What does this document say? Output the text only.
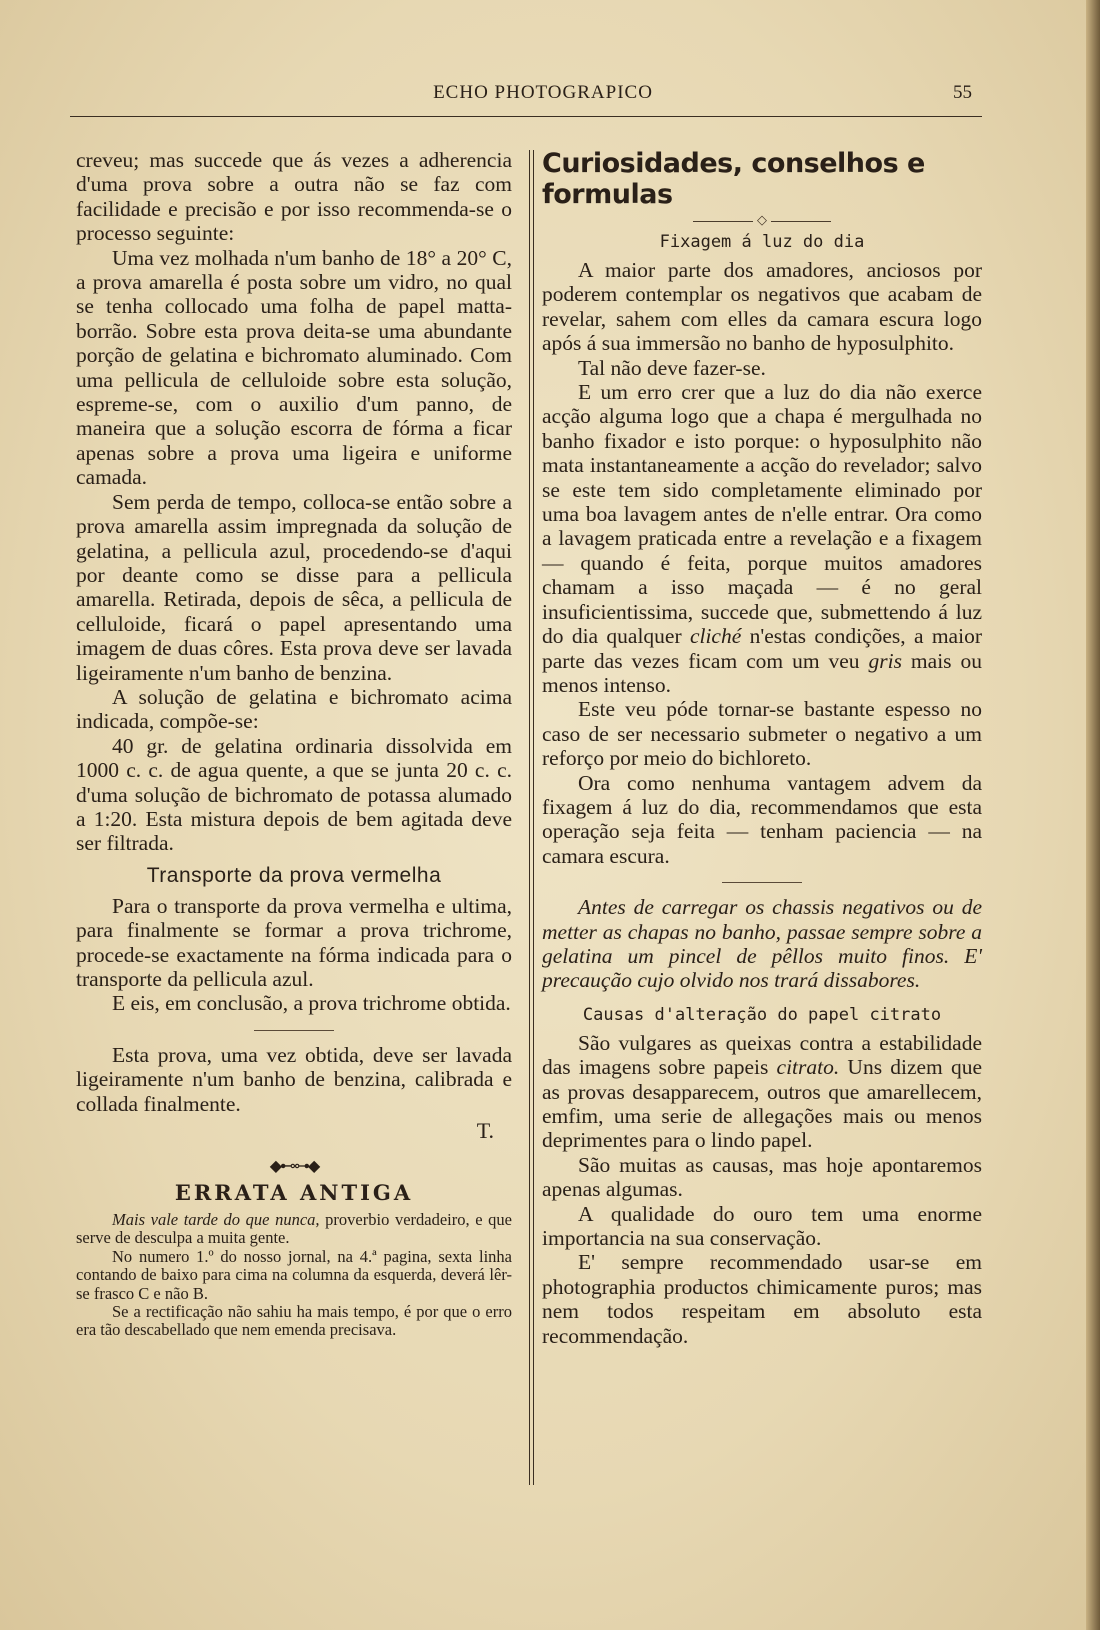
ECHO PHOTOGRAPICO	55

creveu; mas succede que ás vezes a adherencia d'uma prova sobre a outra não se faz com facilidade e precisão e por isso recommenda-se o processo seguinte:

Uma vez molhada n'um banho de 18° a 20° C, a prova amarella é posta sobre um vidro, no qual se tenha collocado uma folha de papel matta-borrão. Sobre esta prova deita-se uma abundante porção de gelatina e bichromato aluminado. Com uma pellicula de celluloide sobre esta solução, espreme-se, com o auxilio d'um panno, de maneira que a solução escorra de fórma a ficar apenas sobre a prova uma ligeira e uniforme camada.

Sem perda de tempo, colloca-se então sobre a prova amarella assim impregnada da solução de gelatina, a pellicula azul, procedendo-se d'aqui por deante como se disse para a pellicula amarella. Retirada, depois de sêca, a pellicula de celluloide, ficará o papel apresentando uma imagem de duas côres. Esta prova deve ser lavada ligeiramente n'um banho de benzina.

A solução de gelatina e bichromato acima indicada, compõe-se:

40 gr. de gelatina ordinaria dissolvida em 1000 c. c. de agua quente, a que se junta 20 c. c. d'uma solução de bichromato de potassa alumado a 1:20. Esta mistura depois de bem agitada deve ser filtrada.

Transporte da prova vermelha

Para o transporte da prova vermelha e ultima, para finalmente se formar a prova trichrome, procede-se exactamente na fórma indicada para o transporte da pellicula azul.

E eis, em conclusão, a prova trichrome obtida.

Esta prova, uma vez obtida, deve ser lavada ligeiramente n'um banho de benzina, calibrada e collada finalmente.

T.
◆⊷⊶◆
ERRATA ANTIGA

Mais vale tarde do que nunca, proverbio verdadeiro, e que serve de desculpa a muita gente.

No numero 1.º do nosso jornal, na 4.ª pagina, sexta linha contando de baixo para cima na columna da esquerda, deverá lêr-se frasco C e não B.

Se a rectificação não sahiu ha mais tempo, é por que o erro era tão descabellado que nem emenda precisava.

Curiosidades, conselhos e formulas
◇
Fixagem á luz do dia

A maior parte dos amadores, anciosos por poderem contemplar os negativos que acabam de revelar, sahem com elles da camara escura logo após á sua immersão no banho de hyposulphito.

Tal não deve fazer-se.

E um erro crer que a luz do dia não exerce acção alguma logo que a chapa é mergulhada no banho fixador e isto porque: o hyposulphito não mata instantaneamente a acção do revelador; salvo se este tem sido completamente eliminado por uma boa lavagem antes de n'elle entrar. Ora como a lavagem praticada entre a revelação e a fixagem — quando é feita, porque muitos amadores chamam a isso maçada — é no geral insuficientissima, succede que, submettendo á luz do dia qualquer cliché n'estas condições, a maior parte das vezes ficam com um veu gris mais ou menos intenso.

Este veu póde tornar-se bastante espesso no caso de ser necessario submeter o negativo a um reforço por meio do bichloreto.

Ora como nenhuma vantagem advem da fixagem á luz do dia, recommendamos que esta operação seja feita — tenham paciencia — na camara escura.

Antes de carregar os chassis negativos ou de metter as chapas no banho, passae sempre sobre a gelatina um pincel de pêllos muito finos. E' precaução cujo olvido nos trará dissabores.

Causas d'alteração do papel citrato

São vulgares as queixas contra a estabilidade das imagens sobre papeis citrato. Uns dizem que as provas desapparecem, outros que amarellecem, emfim, uma serie de allegações mais ou menos deprimentes para o lindo papel.

São muitas as causas, mas hoje apontaremos apenas algumas.

A qualidade do ouro tem uma enorme importancia na sua conservação.

E' sempre recommendado usar-se em photographia productos chimicamente puros; mas nem todos respeitam em absoluto esta recommendação.
